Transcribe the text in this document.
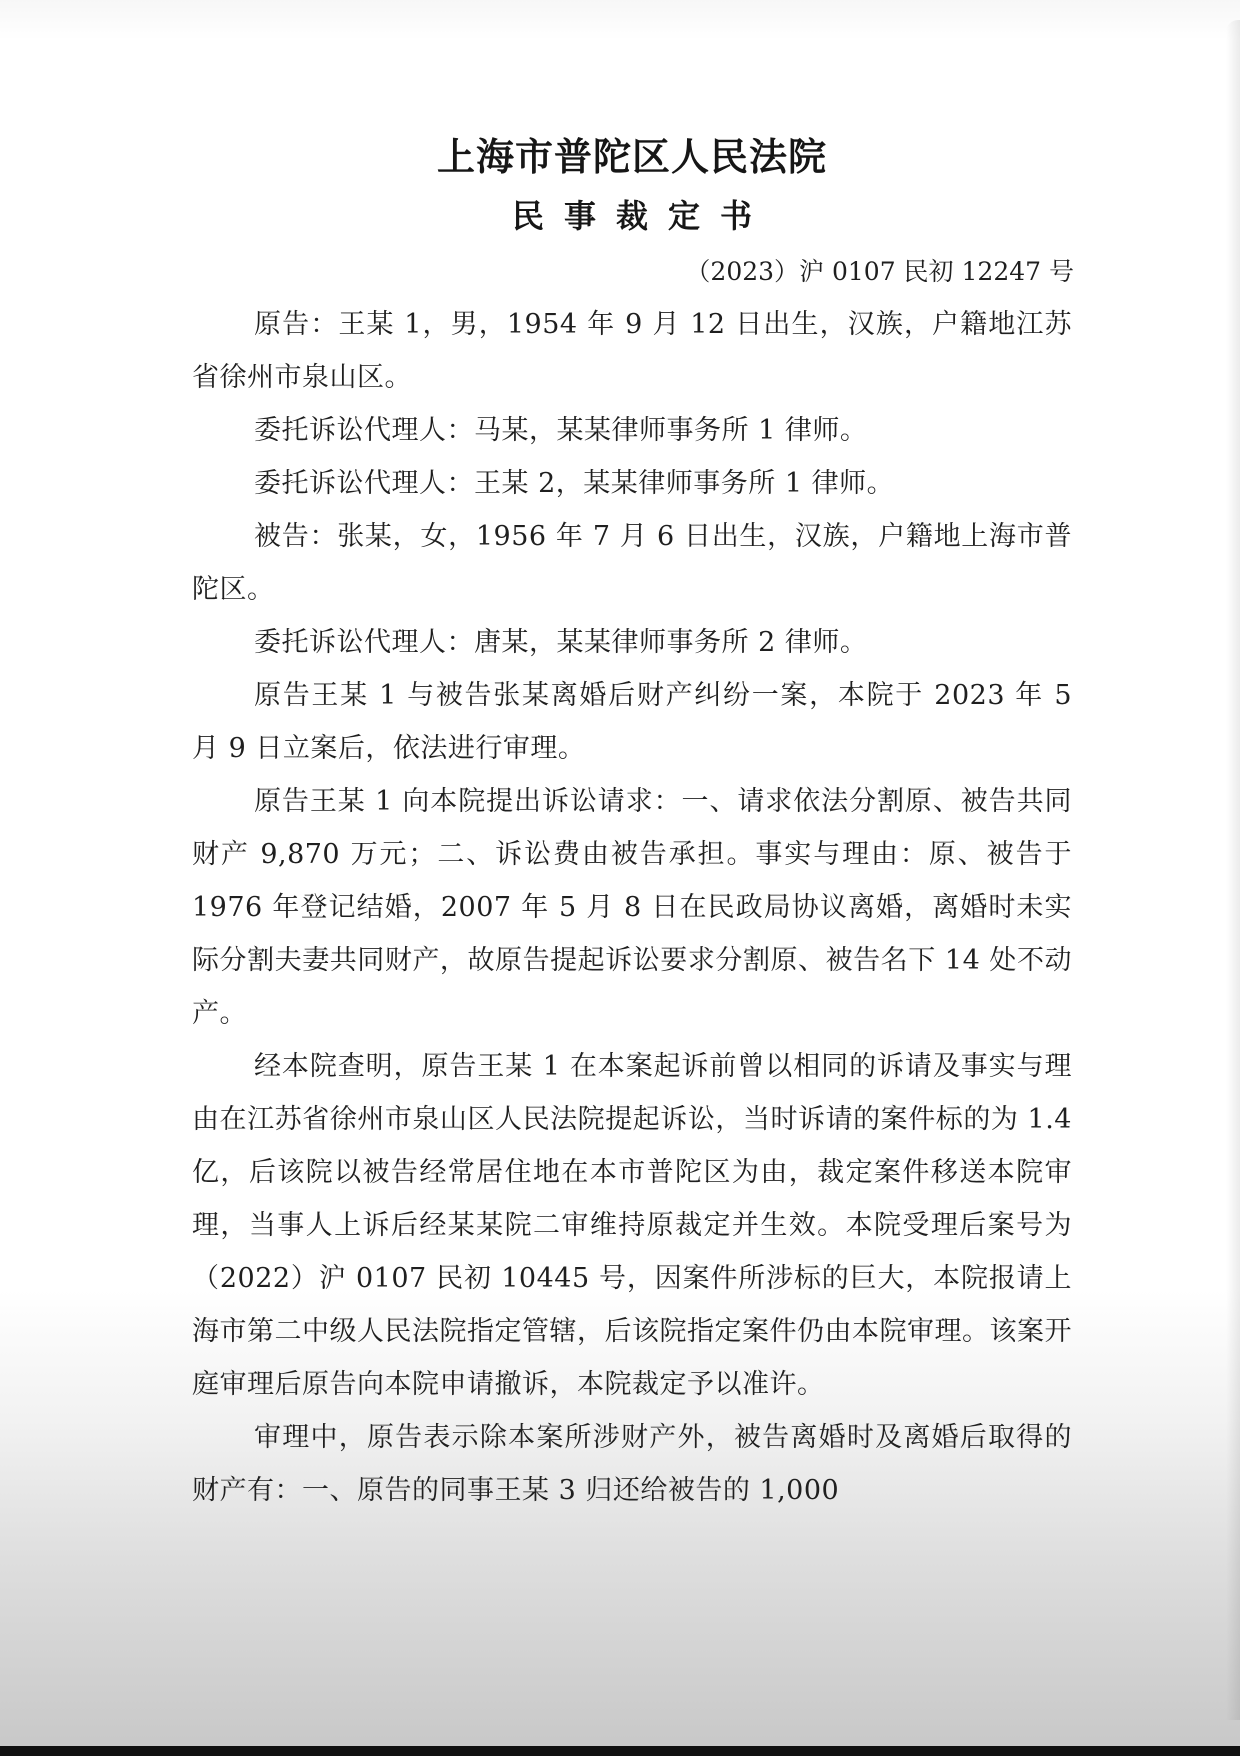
上海市普陀区人民法院
民事裁定书

（2023）沪 0107 民初 12247 号

原告：王某 1，男，1954 年 9 月 12 日出生，汉族，户籍地江苏省徐州市泉山区。

委托诉讼代理人：马某，某某律师事务所 1 律师。

委托诉讼代理人：王某 2，某某律师事务所 1 律师。

被告：张某，女，1956 年 7 月 6 日出生，汉族，户籍地上海市普陀区。

委托诉讼代理人：唐某，某某律师事务所 2 律师。

原告王某 1 与被告张某离婚后财产纠纷一案，本院于 2023 年 5 月 9 日立案后，依法进行审理。

原告王某 1 向本院提出诉讼请求：一、请求依法分割原、被告共同财产 9,870 万元；二、诉讼费由被告承担。事实与理由：原、被告于 1976 年登记结婚，2007 年 5 月 8 日在民政局协议离婚，离婚时未实际分割夫妻共同财产，故原告提起诉讼要求分割原、被告名下 14 处不动产。

经本院查明，原告王某 1 在本案起诉前曾以相同的诉请及事实与理由在江苏省徐州市泉山区人民法院提起诉讼，当时诉请的案件标的为 1.4 亿，后该院以被告经常居住地在本市普陀区为由，裁定案件移送本院审理，当事人上诉后经某某院二审维持原裁定并生效。本院受理后案号为（2022）沪 0107 民初 10445 号，因案件所涉标的巨大，本院报请上海市第二中级人民法院指定管辖，后该院指定案件仍由本院审理。该案开庭审理后原告向本院申请撤诉，本院裁定予以准许。

审理中，原告表示除本案所涉财产外，被告离婚时及离婚后取得的财产有：一、原告的同事王某 3 归还给被告的 1,000
